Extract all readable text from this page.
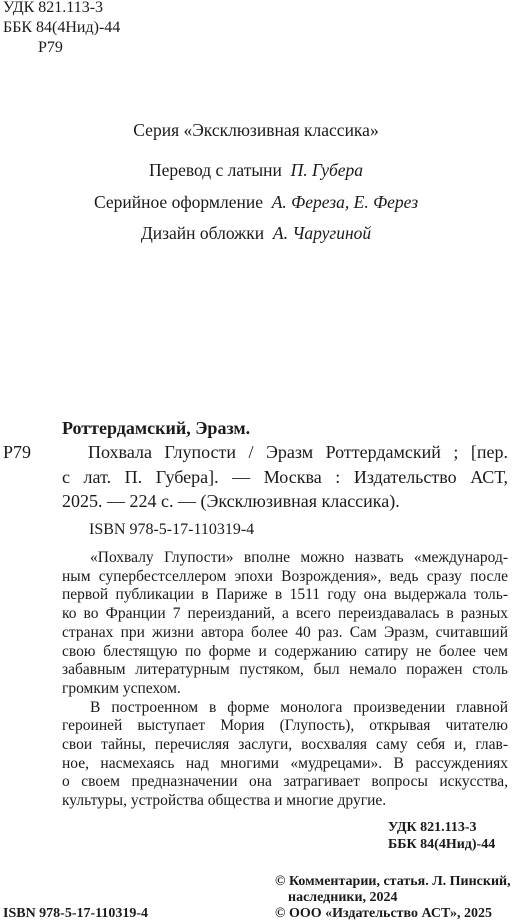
УДК 821.113-3
ББК 84(4Нид)-44
Р79
Серия «Эксклюзивная классика»
Перевод с латыни П. Губера
Серийное оформление А. Фереза, Е. Ферез
Дизайн обложки А. Чаругиной
Роттердамский, Эразм.
Р79	Похвала Глупости / Эразм Роттердамский ; [пер.
с лат. П. Губера]. — Москва : Издательство АСТ,
2025. — 224 с. — (Эксклюзивная классика).
ISBN 978-5-17-110319-4
«Похвалу Глупости» вполне можно назвать «международ-
ным супербестселлером эпохи Возрождения», ведь сразу после
первой публикации в Париже в 1511 году она выдержала толь-
ко во Франции 7 переизданий, а всего переиздавалась в разных
странах при жизни автора более 40 раз. Сам Эразм, считавший
свою блестящую по форме и содержанию сатиру не более чем
забавным литературным пустяком, был немало поражен столь
громким успехом.
В построенном в форме монолога произведении главной
героиней выступает Мория (Глупость), открывая читателю
свои тайны, перечисляя заслуги, восхваляя саму себя и, глав-
ное, насмехаясь над многими «мудрецами». В рассуждениях
о своем предназначении она затрагивает вопросы искусства,
культуры, устройства общества и многие другие.
УДК 821.113-3
ББК 84(4Нид)-44
© Комментарии, статья. Л. Пинский,
наследники, 2024
© ООО «Издательство АСТ», 2025
ISBN 978-5-17-110319-4
